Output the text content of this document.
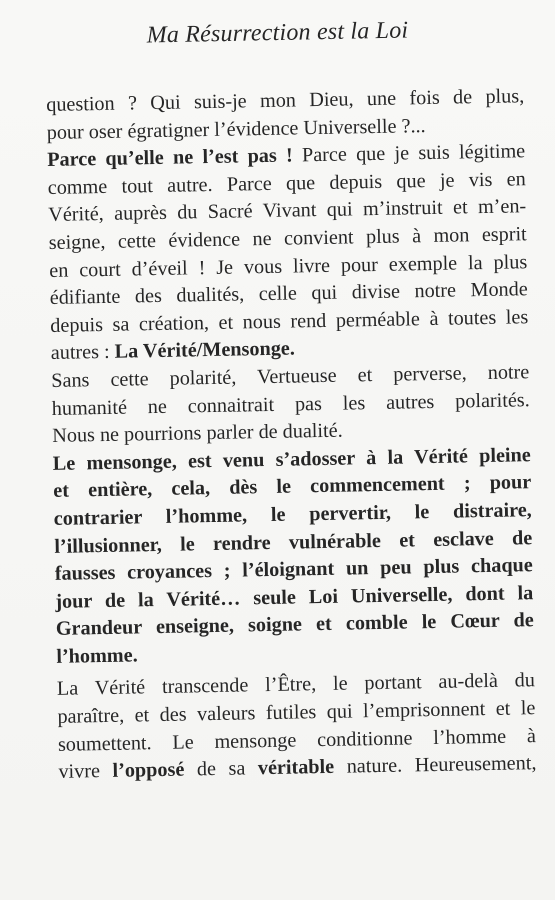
Ma Résurrection est la Loi
question ? Qui suis-je mon Dieu, une fois de plus,
pour oser égratigner l’évidence Universelle ?...
Parce qu’elle ne l’est pas ! Parce que je suis légitime
comme tout autre. Parce que depuis que je vis en
Vérité, auprès du Sacré Vivant qui m’instruit et m’en-
seigne, cette évidence ne convient plus à mon esprit
en court d’éveil ! Je vous livre pour exemple la plus
édifiante des dualités, celle qui divise notre Monde
depuis sa création, et nous rend perméable à toutes les
autres : La Vérité/Mensonge.
Sans cette polarité, Vertueuse et perverse, notre
humanité ne connaitrait pas les autres polarités.
Nous ne pourrions parler de dualité.
Le mensonge, est venu s’adosser à la Vérité pleine
et entière, cela, dès le commencement ; pour
contrarier l’homme, le pervertir, le distraire,
l’illusionner, le rendre vulnérable et esclave de
fausses croyances ; l’éloignant un peu plus chaque
jour de la Vérité… seule Loi Universelle, dont la
Grandeur enseigne, soigne et comble le Cœur de
l’homme.
La Vérité transcende l’Être, le portant au-delà du
paraître, et des valeurs futiles qui l’emprisonnent et le
soumettent. Le mensonge conditionne l’homme à
vivre l’opposé de sa véritable nature. Heureusement,
